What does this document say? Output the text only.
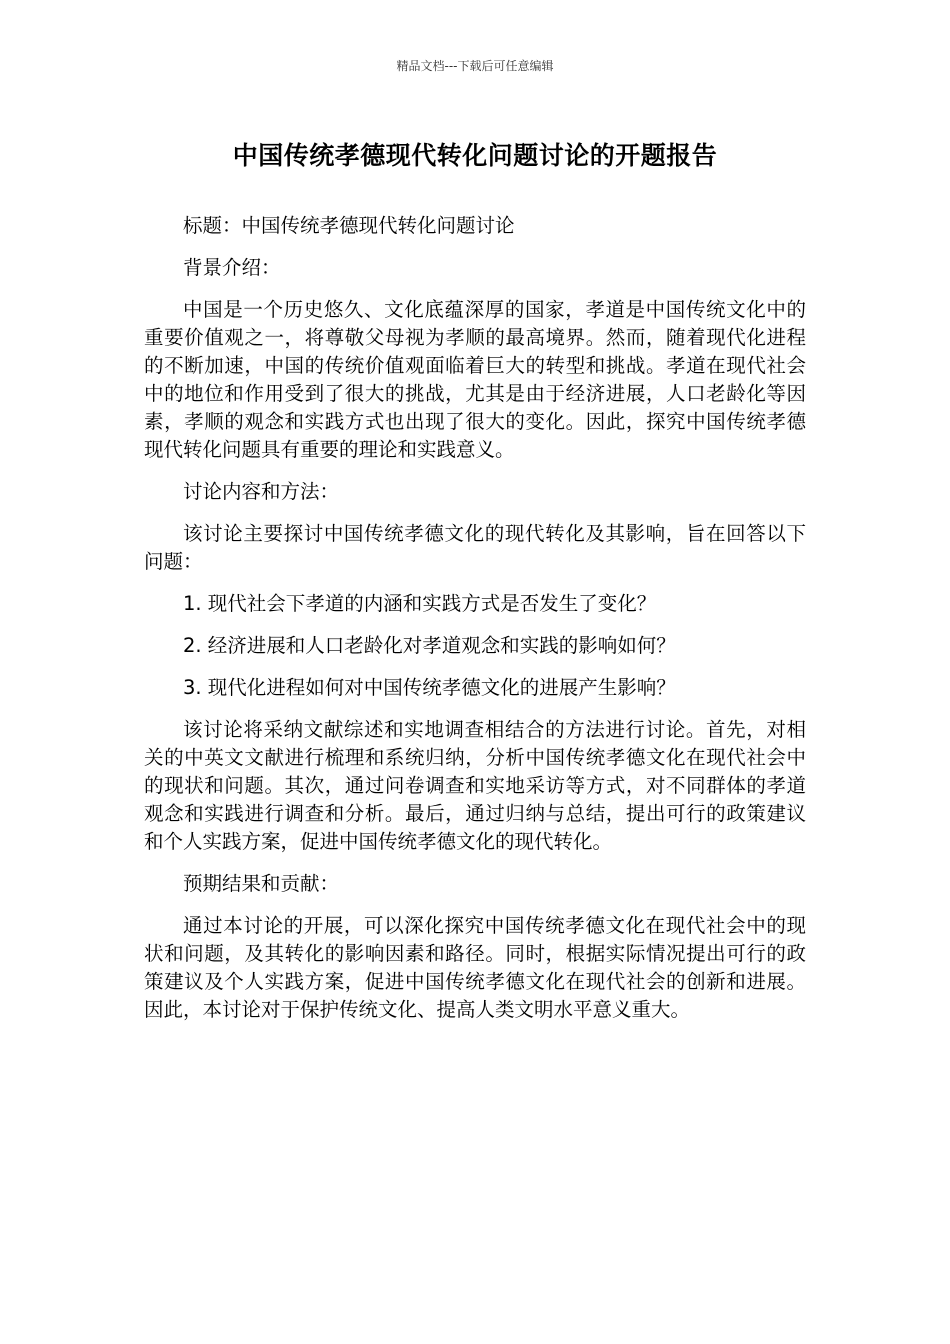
精品文档---下载后可任意编辑
中国传统孝德现代转化问题讨论的开题报告

标题：中国传统孝德现代转化问题讨论

背景介绍：

中国是一个历史悠久、文化底蕴深厚的国家，孝道是中国传统文化中的重要价值观之一，将尊敬父母视为孝顺的最高境界。然而，随着现代化进程的不断加速，中国的传统价值观面临着巨大的转型和挑战。孝道在现代社会中的地位和作用受到了很大的挑战，尤其是由于经济进展，人口老龄化等因素，孝顺的观念和实践方式也出现了很大的变化。因此，探究中国传统孝德现代转化问题具有重要的理论和实践意义。

讨论内容和方法：

该讨论主要探讨中国传统孝德文化的现代转化及其影响，旨在回答以下问题：

1. 现代社会下孝道的内涵和实践方式是否发生了变化？

2. 经济进展和人口老龄化对孝道观念和实践的影响如何？

3. 现代化进程如何对中国传统孝德文化的进展产生影响？

该讨论将采纳文献综述和实地调查相结合的方法进行讨论。首先，对相关的中英文文献进行梳理和系统归纳，分析中国传统孝德文化在现代社会中的现状和问题。其次，通过问卷调查和实地采访等方式，对不同群体的孝道观念和实践进行调查和分析。最后，通过归纳与总结，提出可行的政策建议和个人实践方案，促进中国传统孝德文化的现代转化。

预期结果和贡献：

通过本讨论的开展，可以深化探究中国传统孝德文化在现代社会中的现状和问题，及其转化的影响因素和路径。同时，根据实际情况提出可行的政策建议及个人实践方案，促进中国传统孝德文化在现代社会的创新和进展。因此，本讨论对于保护传统文化、提高人类文明水平意义重大。
